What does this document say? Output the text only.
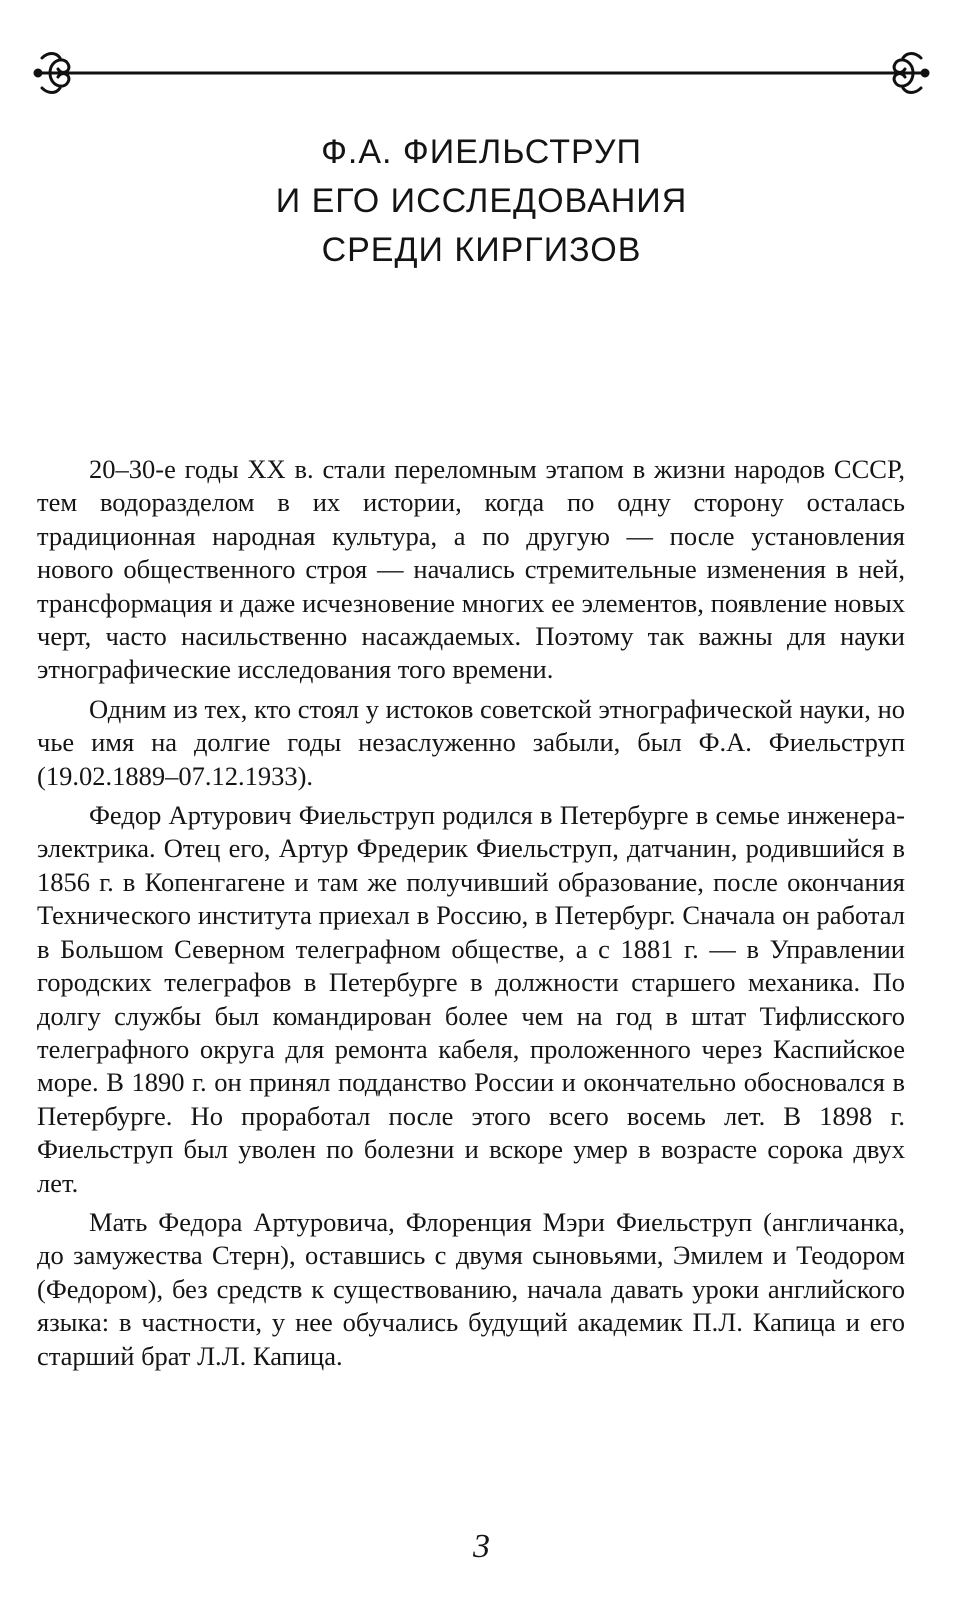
Ф.А. ФИЕЛЬСТРУП
И ЕГО ИССЛЕДОВАНИЯ
СРЕДИ КИРГИЗОВ

20–30-е годы XX в. стали переломным этапом в жизни народов СССР, тем водоразделом в их истории, когда по одну сторону осталась традиционная народная культура, а по другую — после установления нового общественного строя — начались стремительные изменения в ней, трансформация и даже исчезновение многих ее элементов, появление новых черт, часто насильственно насаждаемых. Поэтому так важны для науки этнографические исследования того времени.

Одним из тех, кто стоял у истоков советской этнографической науки, но чье имя на долгие годы незаслуженно забыли, был Ф.А. Фиельструп (19.02.1889–07.12.1933).

Федор Артурович Фиельструп родился в Петербурге в семье инженера-электрика. Отец его, Артур Фредерик Фиельструп, датчанин, родившийся в 1856 г. в Копенгагене и там же получивший образование, после окончания Технического института приехал в Россию, в Петербург. Сначала он работал в Большом Северном телеграфном обществе, а с 1881 г. — в Управлении городских телеграфов в Петербурге в должности старшего механика. По долгу службы был командирован более чем на год в штат Тифлисского телеграфного округа для ремонта кабеля, проложенного через Каспийское море. В 1890 г. он принял подданство России и окончательно обосновался в Петербурге. Но проработал после этого всего восемь лет. В 1898 г. Фиельструп был уволен по болезни и вскоре умер в возрасте сорока двух лет.

Мать Федора Артуровича, Флоренция Мэри Фиельструп (англичанка, до замужества Стерн), оставшись с двумя сыновьями, Эмилем и Теодором (Федором), без средств к существованию, начала давать уроки английского языка: в частности, у нее обучались будущий академик П.Л. Капица и его старший брат Л.Л. Капица.

3
